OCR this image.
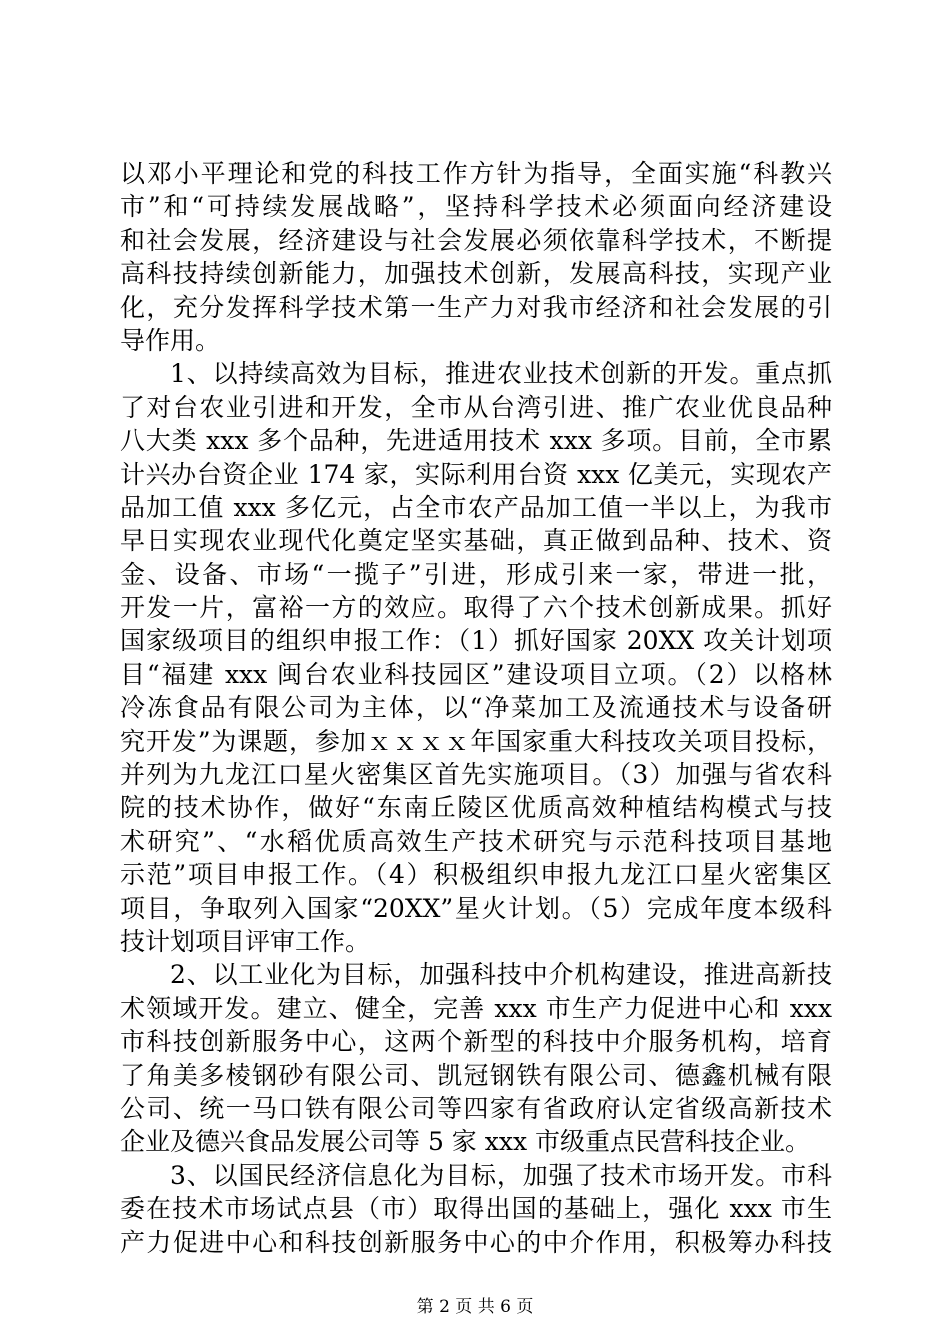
以邓小平理论和党的科技工作方针为指导，全面实施“科教兴
市”和“可持续发展战略”，坚持科学技术必须面向经济建设
和社会发展，经济建设与社会发展必须依靠科学技术，不断提
高科技持续创新能力，加强技术创新，发展高科技，实现产业
化，充分发挥科学技术第一生产力对我市经济和社会发展的引
导作用。
1、以持续高效为目标，推进农业技术创新的开发。重点抓
了对台农业引进和开发，全市从台湾引进、推广农业优良品种
八大类 xxx 多个品种，先进适用技术 xxx 多项。目前，全市累
计兴办台资企业 174 家，实际利用台资 xxx 亿美元，实现农产
品加工值 xxx 多亿元，占全市农产品加工值一半以上，为我市
早日实现农业现代化奠定坚实基础，真正做到品种、技术、资
金、设备、市场“一揽子”引进，形成引来一家，带进一批，
开发一片，富裕一方的效应。取得了六个技术创新成果。抓好
国家级项目的组织申报工作：（1）抓好国家 20XX 攻关计划项
目“福建 xxx 闽台农业科技园区”建设项目立项。（2）以格林
冷冻食品有限公司为主体，以“净菜加工及流通技术与设备研
究开发”为课题，参加ｘｘｘｘ年国家重大科技攻关项目投标，
并列为九龙江口星火密集区首先实施项目。（3）加强与省农科
院的技术协作，做好“东南丘陵区优质高效种植结构模式与技
术研究”、“水稻优质高效生产技术研究与示范科技项目基地
示范”项目申报工作。（4）积极组织申报九龙江口星火密集区
项目，争取列入国家“20XX”星火计划。（5）完成年度本级科
技计划项目评审工作。
2、以工业化为目标，加强科技中介机构建设，推进高新技
术领域开发。建立、健全，完善 xxx 市生产力促进中心和 xxx
市科技创新服务中心，这两个新型的科技中介服务机构，培育
了角美多棱钢砂有限公司、凯冠钢铁有限公司、德鑫机械有限
公司、统一马口铁有限公司等四家有省政府认定省级高新技术
企业及德兴食品发展公司等 5 家 xxx 市级重点民营科技企业。
3、以国民经济信息化为目标，加强了技术市场开发。市科
委在技术市场试点县（市）取得出国的基础上，强化 xxx 市生
产力促进中心和科技创新服务中心的中介作用，积极筹办科技
第 2 页 共 6 页
